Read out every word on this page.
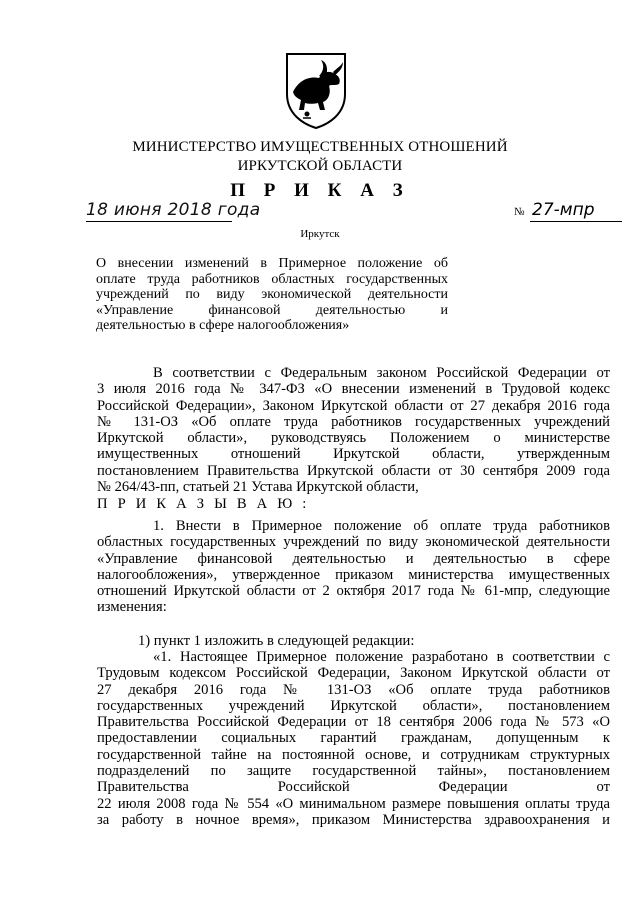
МИНИСТЕРСТВО ИМУЩЕСТВЕННЫХ ОТНОШЕНИЙ
ИРКУТСКОЙ ОБЛАСТИ
П Р И К А З
18 июня 2018 года	№ 27-мпр
Иркутск
О внесении изменений в Примерное положение об
оплате труда работников областных государственных
учреждений по виду экономической деятельности
«Управление финансовой деятельностью и
деятельностью в сфере налогообложения»
В соответствии с Федеральным законом Российской Федерации от
3 июля 2016 года № 347-ФЗ «О внесении изменений в Трудовой кодекс
Российской Федерации», Законом Иркутской области от 27 декабря 2016 года
№ 131-ОЗ «Об оплате труда работников государственных учреждений
Иркутской области», руководствуясь Положением о министерстве
имущественных отношений Иркутской области, утвержденным
постановлением Правительства Иркутской области от 30 сентября 2009 года
№ 264/43-пп, статьей 21 Устава Иркутской области,
П Р И К А З Ы В А Ю :
1. Внести в Примерное положение об оплате труда работников
областных государственных учреждений по виду экономической деятельности
«Управление финансовой деятельностью и деятельностью в сфере
налогообложения», утвержденное приказом министерства имущественных
отношений Иркутской области от 2 октября 2017 года № 61-мпр, следующие
изменения:
1) пункт 1 изложить в следующей редакции:
«1. Настоящее Примерное положение разработано в соответствии с
Трудовым кодексом Российской Федерации, Законом Иркутской области от
27 декабря 2016 года № 131-ОЗ «Об оплате труда работников
государственных учреждений Иркутской области», постановлением
Правительства Российской Федерации от 18 сентября 2006 года № 573 «О
предоставлении социальных гарантий гражданам, допущенным к
государственной тайне на постоянной основе, и сотрудникам структурных
подразделений по защите государственной тайны», постановлением
Правительства Российской Федерации от
22 июля 2008 года № 554 «О минимальном размере повышения оплаты труда
за работу в ночное время», приказом Министерства здравоохранения и
